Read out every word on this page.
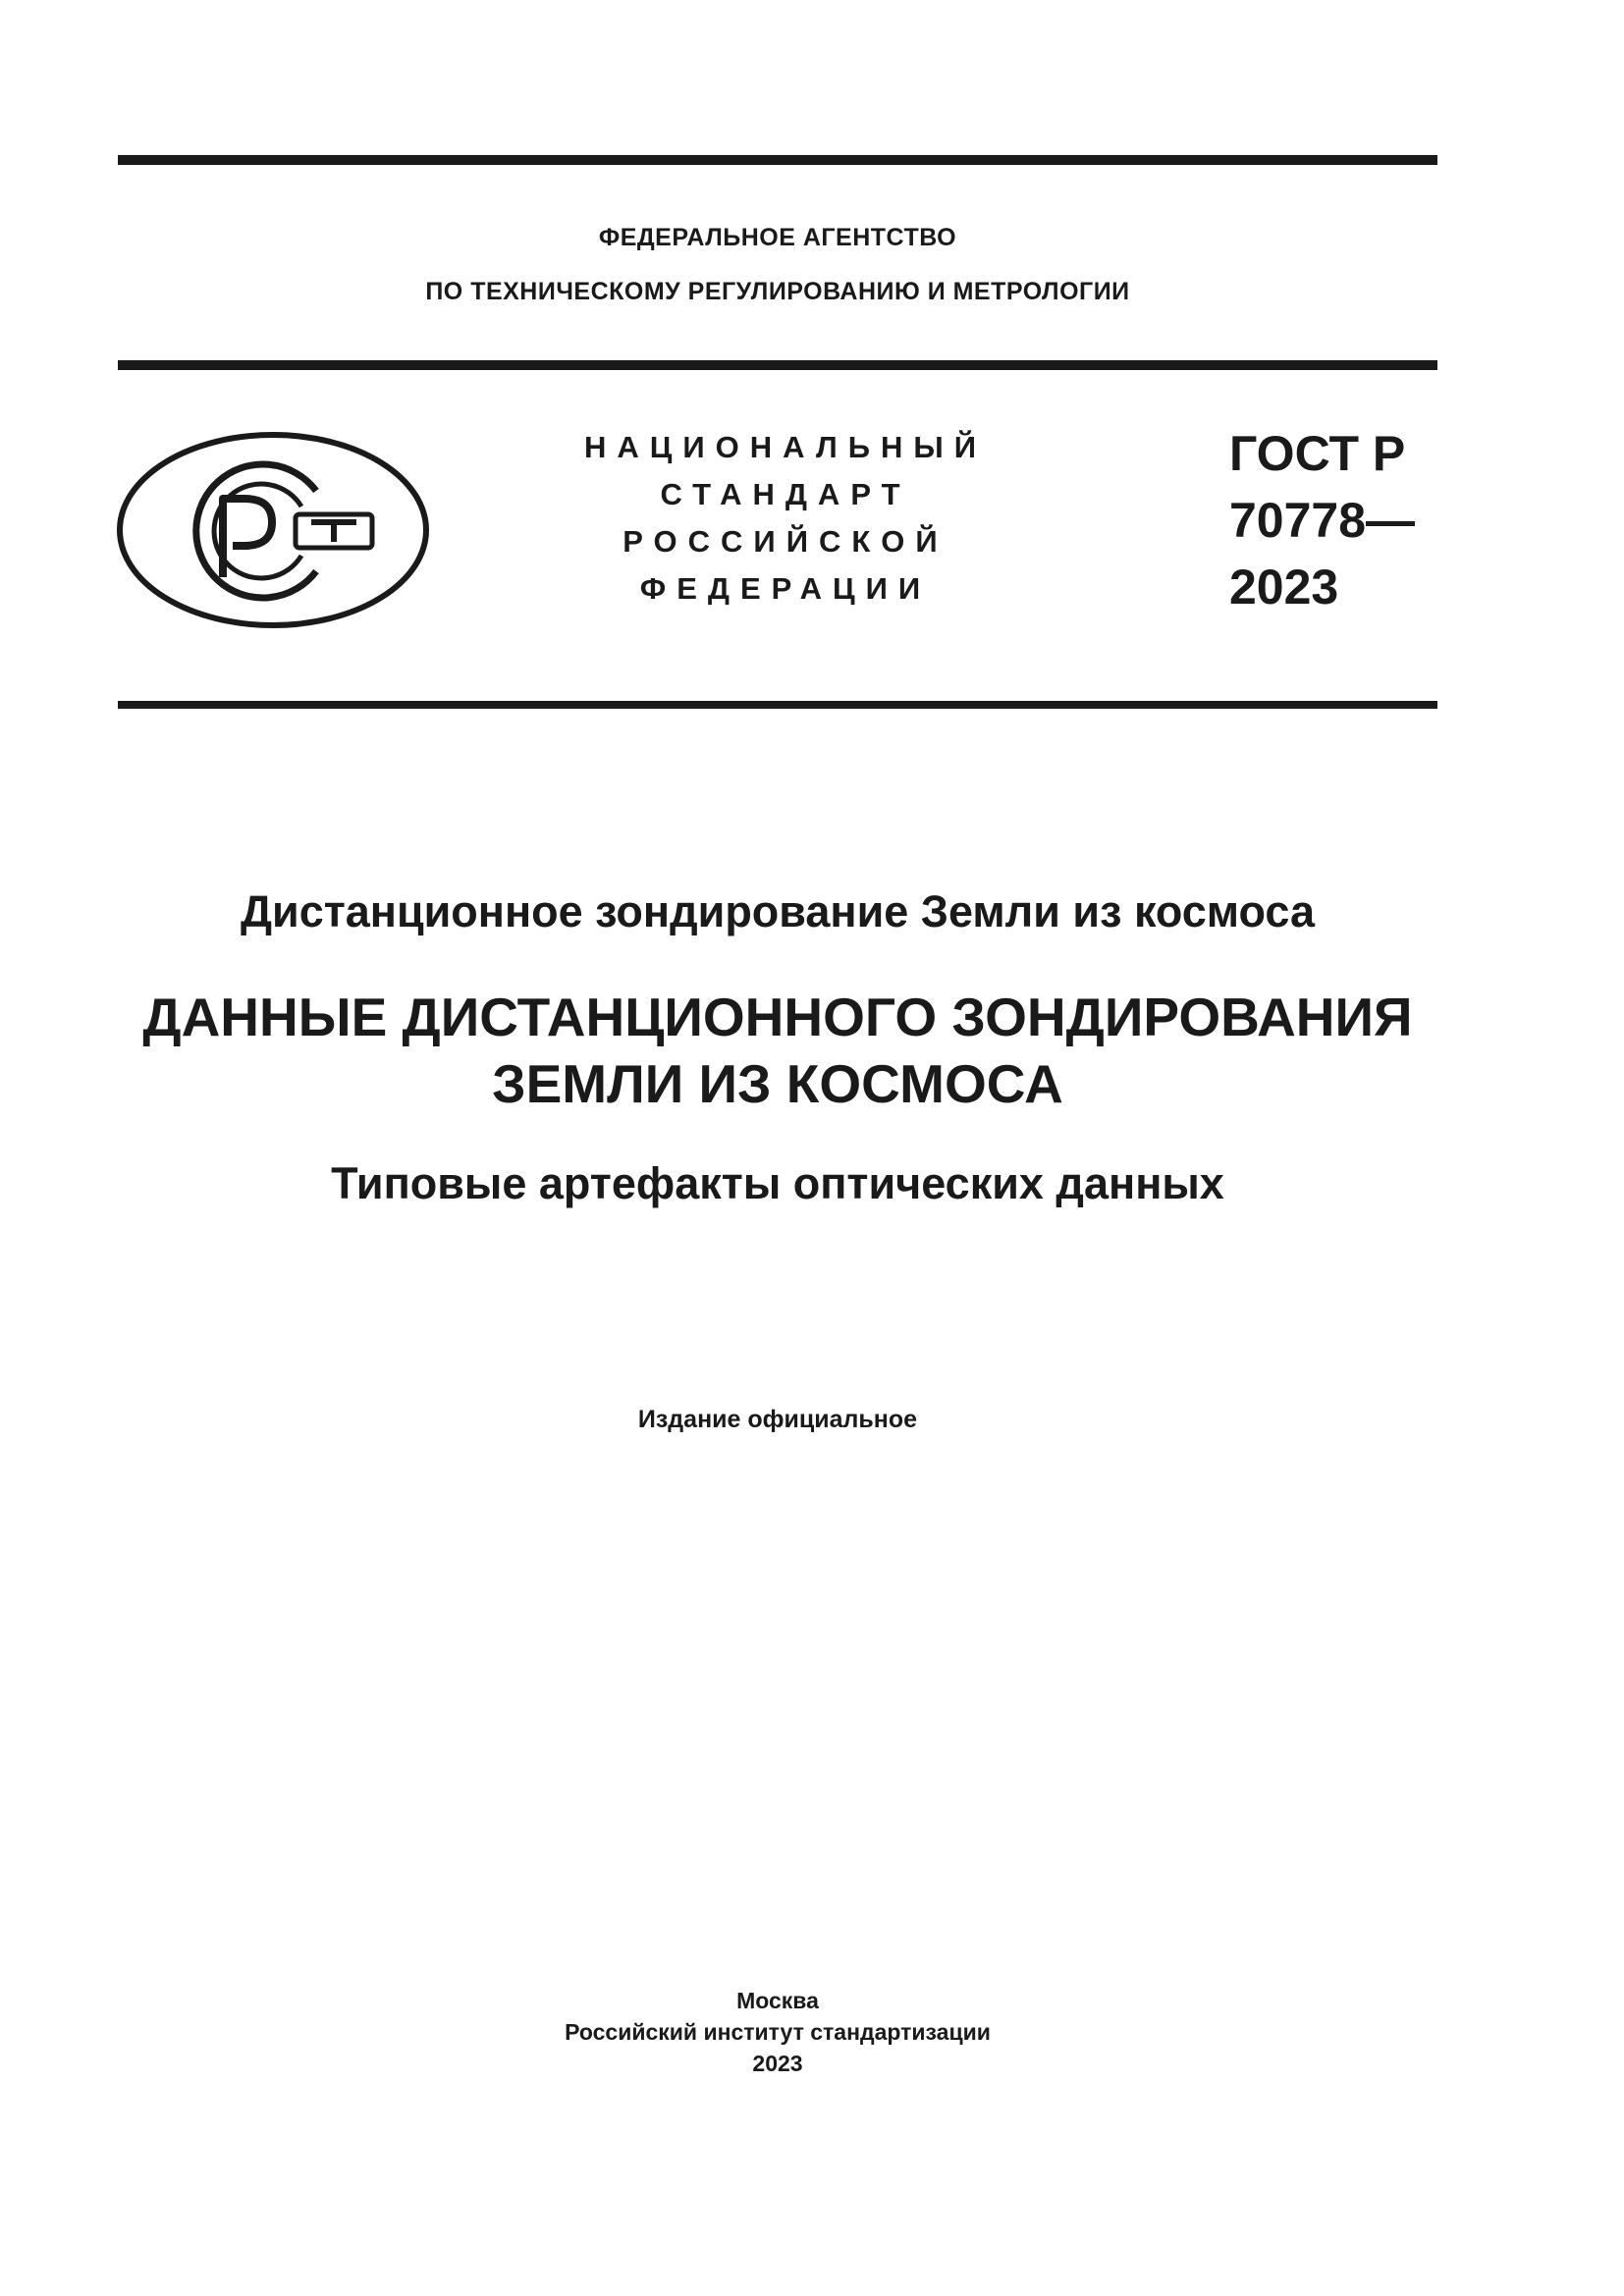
ФЕДЕРАЛЬНОЕ АГЕНТСТВО
ПО ТЕХНИЧЕСКОМУ РЕГУЛИРОВАНИЮ И МЕТРОЛОГИИ
НАЦИОНАЛЬНЫЙ
СТАНДАРТ
РОССИЙСКОЙ
ФЕДЕРАЦИИ
ГОСТ Р
70778—
2023
Дистанционное зондирование Земли из космоса
ДАННЫЕ ДИСТАНЦИОННОГО ЗОНДИРОВАНИЯ
ЗЕМЛИ ИЗ КОСМОСА
Типовые артефакты оптических данных
Издание официальное
Москва
Российский институт стандартизации
2023
